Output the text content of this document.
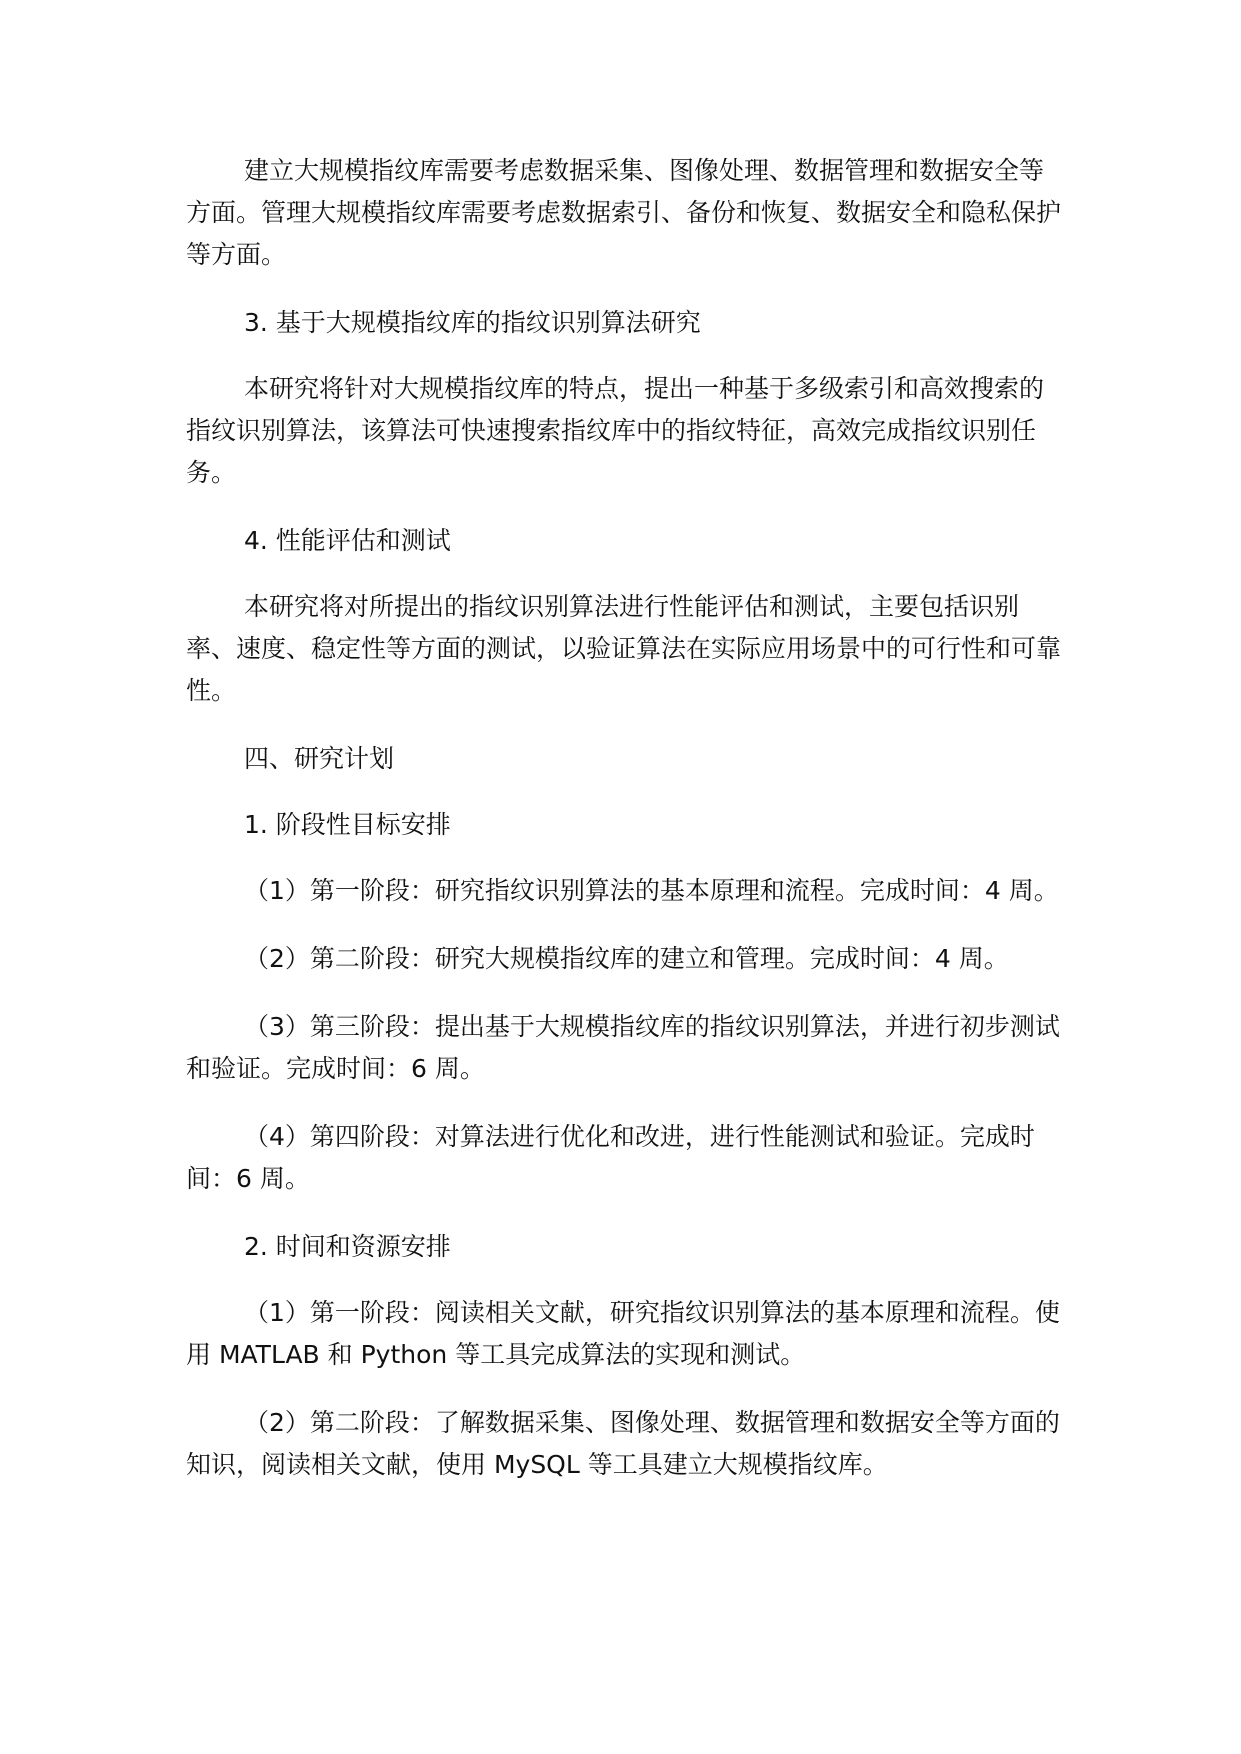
建立大规模指纹库需要考虑数据采集、图像处理、数据管理和数据安全等方面。管理大规模指纹库需要考虑数据索引、备份和恢复、数据安全和隐私保护等方面。

3. 基于大规模指纹库的指纹识别算法研究

本研究将针对大规模指纹库的特点，提出一种基于多级索引和高效搜索的指纹识别算法，该算法可快速搜索指纹库中的指纹特征，高效完成指纹识别任务。

4. 性能评估和测试

本研究将对所提出的指纹识别算法进行性能评估和测试，主要包括识别率、速度、稳定性等方面的测试，以验证算法在实际应用场景中的可行性和可靠性。

四、研究计划

1. 阶段性目标安排

（1）第一阶段：研究指纹识别算法的基本原理和流程。完成时间：4 周。

（2）第二阶段：研究大规模指纹库的建立和管理。完成时间：4 周。

（3）第三阶段：提出基于大规模指纹库的指纹识别算法，并进行初步测试和验证。完成时间：6 周。

（4）第四阶段：对算法进行优化和改进，进行性能测试和验证。完成时间：6 周。

2. 时间和资源安排

（1）第一阶段：阅读相关文献，研究指纹识别算法的基本原理和流程。使用 MATLAB 和 Python 等工具完成算法的实现和测试。

（2）第二阶段：了解数据采集、图像处理、数据管理和数据安全等方面的知识，阅读相关文献，使用 MySQL 等工具建立大规模指纹库。
